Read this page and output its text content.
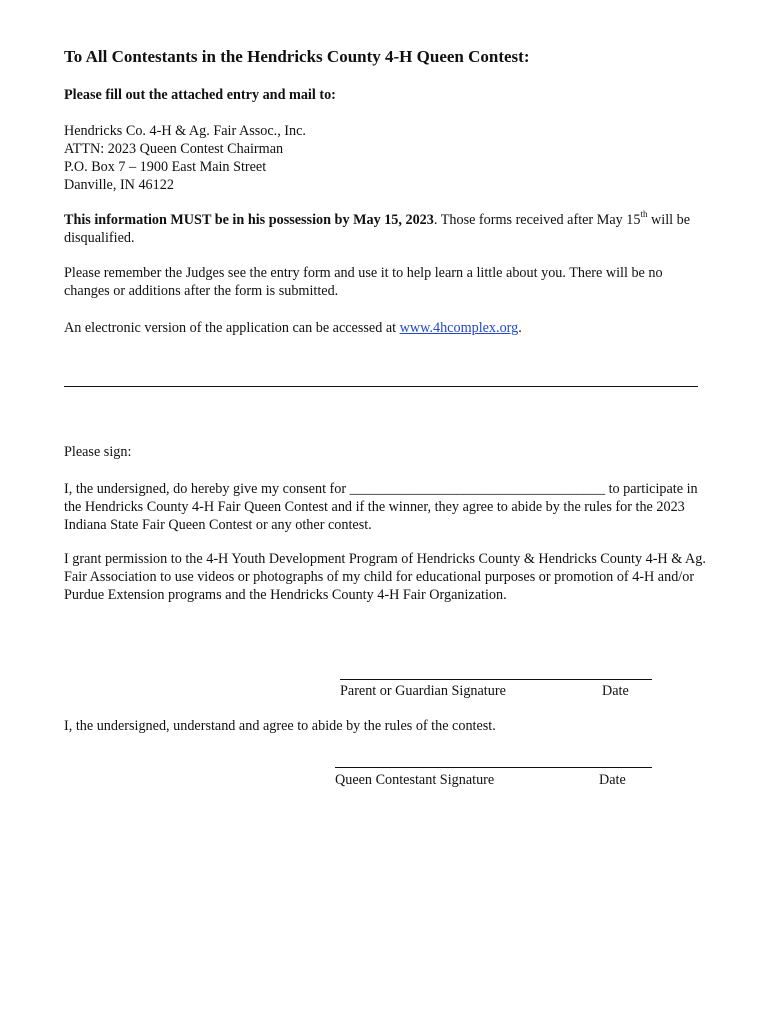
To All Contestants in the Hendricks County 4-H Queen Contest:

Please fill out the attached entry and mail to:

Hendricks Co. 4-H & Ag. Fair Assoc., Inc.
ATTN: 2023 Queen Contest Chairman
P.O. Box 7 – 1900 East Main Street
Danville, IN 46122

This information MUST be in his possession by May 15, 2023. Those forms received after May 15th will be disqualified.

Please remember the Judges see the entry form and use it to help learn a little about you. There will be no changes or additions after the form is submitted.

An electronic version of the application can be accessed at www.4hcomplex.org.

Please sign:

I, the undersigned, do hereby give my consent for ____________________________________ to participate in the Hendricks County 4-H Fair Queen Contest and if the winner, they agree to abide by the rules for the 2023 Indiana State Fair Queen Contest or any other contest.

I grant permission to the 4-H Youth Development Program of Hendricks County & Hendricks County 4-H & Ag. Fair Association to use videos or photographs of my child for educational purposes or promotion of 4-H and/or Purdue Extension programs and the Hendricks County 4-H Fair Organization.

Parent or Guardian Signature	Date

I, the undersigned, understand and agree to abide by the rules of the contest.

Queen Contestant Signature	Date
